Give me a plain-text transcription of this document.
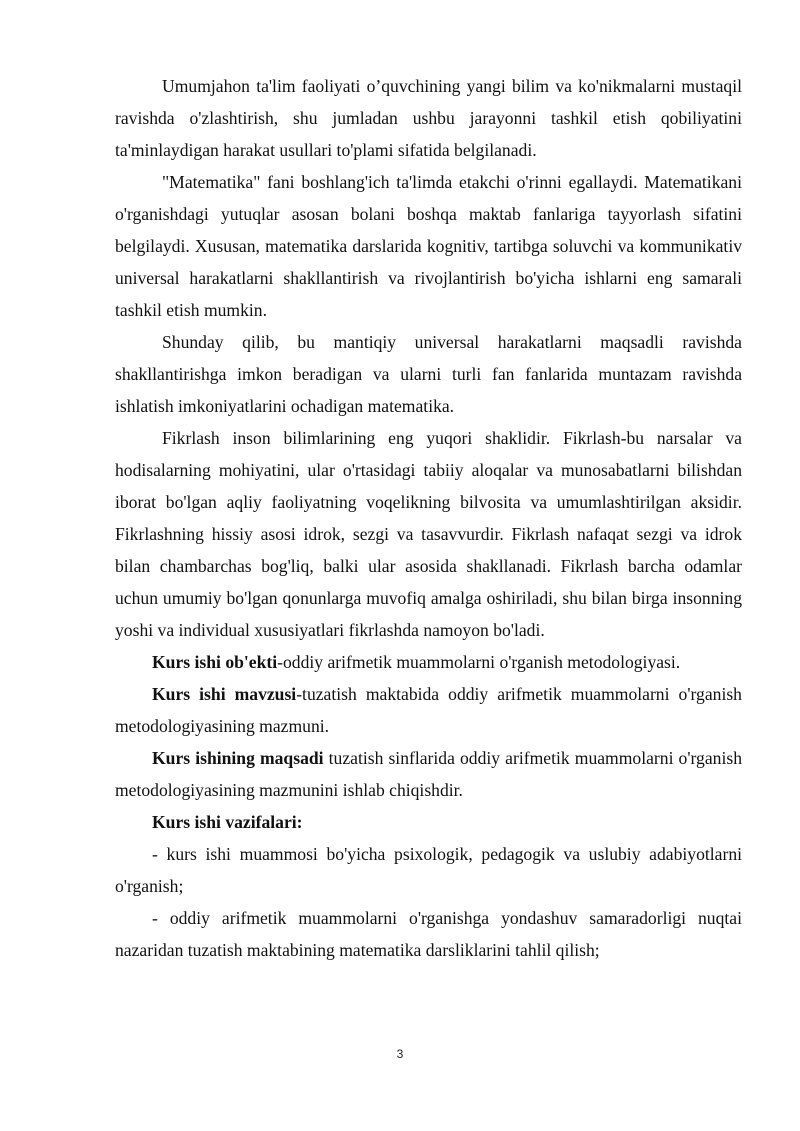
Umumjahon ta'lim faoliyati o’quvchining yangi bilim va ko'nikmalarni mustaqil ravishda o'zlashtirish, shu jumladan ushbu jarayonni tashkil etish qobiliyatini ta'minlaydigan harakat usullari to'plami sifatida belgilanadi.

"Matematika" fani boshlang'ich ta'limda etakchi o'rinni egallaydi. Matematikani o'rganishdagi yutuqlar asosan bolani boshqa maktab fanlariga tayyorlash sifatini belgilaydi. Xususan, matematika darslarida kognitiv, tartibga soluvchi va kommunikativ universal harakatlarni shakllantirish va rivojlantirish bo'yicha ishlarni eng samarali tashkil etish mumkin.

Shunday qilib, bu mantiqiy universal harakatlarni maqsadli ravishda shakllantirishga imkon beradigan va ularni turli fan fanlarida muntazam ravishda ishlatish imkoniyatlarini ochadigan matematika.

Fikrlash inson bilimlarining eng yuqori shaklidir. Fikrlash-bu narsalar va hodisalarning mohiyatini, ular o'rtasidagi tabiiy aloqalar va munosabatlarni bilishdan iborat bo'lgan aqliy faoliyatning voqelikning bilvosita va umumlashtirilgan aksidir. Fikrlashning hissiy asosi idrok, sezgi va tasavvurdir. Fikrlash nafaqat sezgi va idrok bilan chambarchas bog'liq, balki ular asosida shakllanadi. Fikrlash barcha odamlar uchun umumiy bo'lgan qonunlarga muvofiq amalga oshiriladi, shu bilan birga insonning yoshi va individual xususiyatlari fikrlashda namoyon bo'ladi.

Kurs ishi ob'ekti-oddiy arifmetik muammolarni o'rganish metodologiyasi.

Kurs ishi mavzusi-tuzatish maktabida oddiy arifmetik muammolarni o'rganish metodologiyasining mazmuni.

Kurs ishining maqsadi tuzatish sinflarida oddiy arifmetik muammolarni o'rganish metodologiyasining mazmunini ishlab chiqishdir.

Kurs ishi vazifalari:

- kurs ishi muammosi bo'yicha psixologik, pedagogik va uslubiy adabiyotlarni o'rganish;

- oddiy arifmetik muammolarni o'rganishga yondashuv samaradorligi nuqtai nazaridan tuzatish maktabining matematika darsliklarini tahlil qilish;

3
